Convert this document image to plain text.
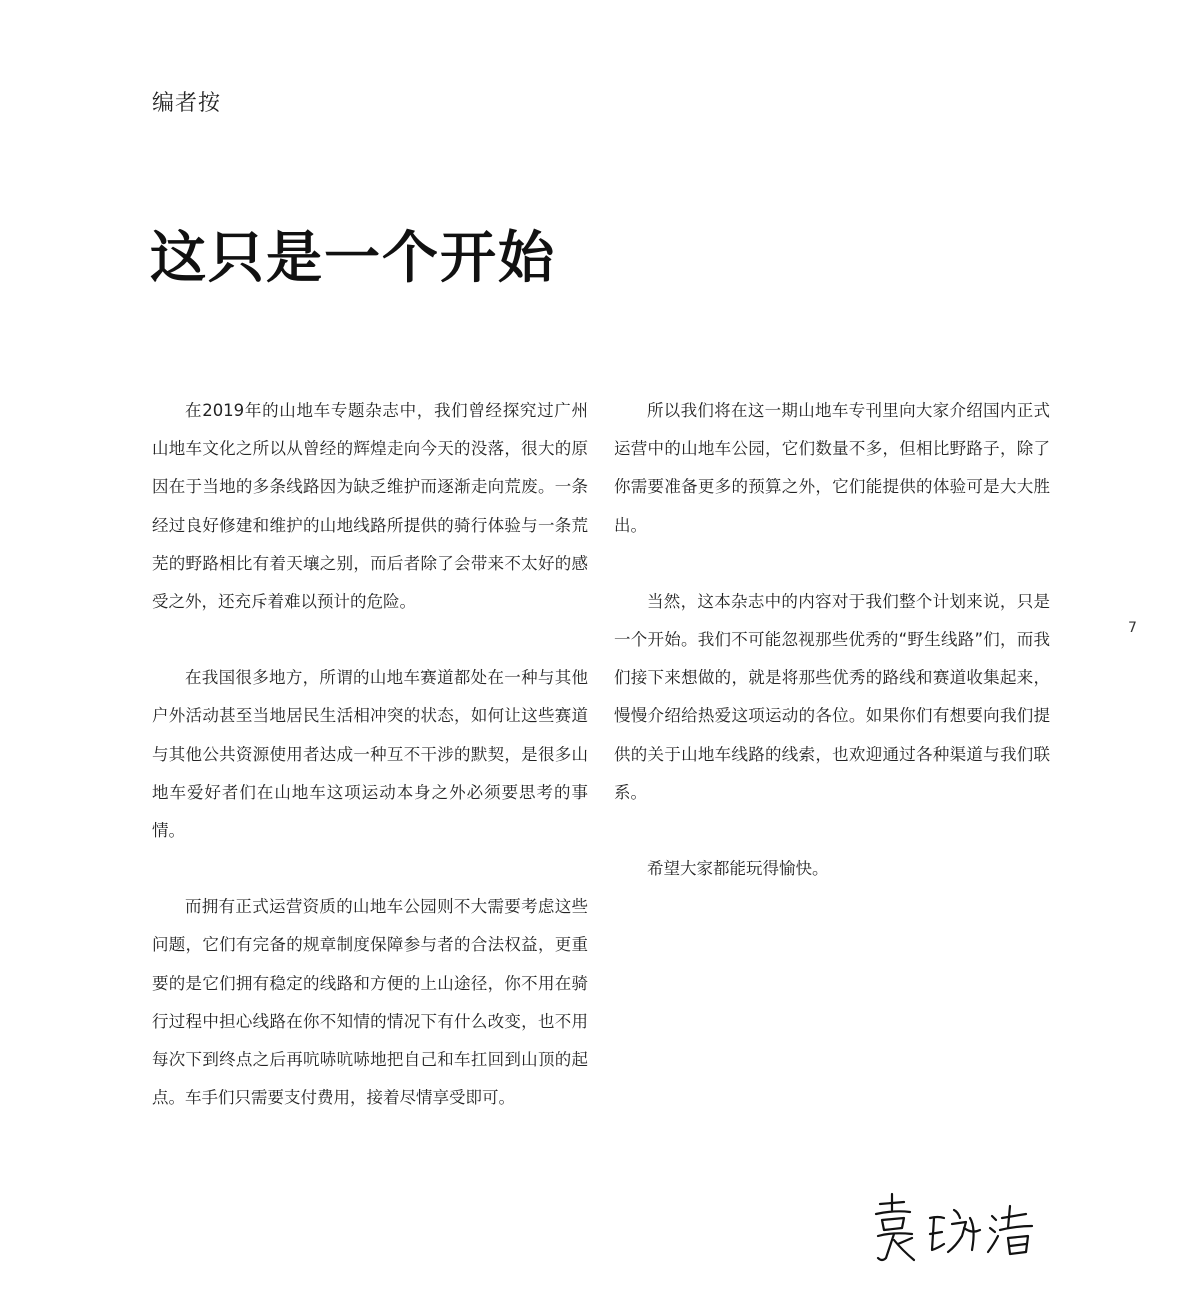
编者按
这只是一个开始

在2019年的山地车专题杂志中，我们曾经探究过广州山地车文化之所以从曾经的辉煌走向今天的没落，很大的原因在于当地的多条线路因为缺乏维护而逐渐走向荒废。一条经过良好修建和维护的山地线路所提供的骑行体验与一条荒芜的野路相比有着天壤之别，而后者除了会带来不太好的感受之外，还充斥着难以预计的危险。

在我国很多地方，所谓的山地车赛道都处在一种与其他户外活动甚至当地居民生活相冲突的状态，如何让这些赛道与其他公共资源使用者达成一种互不干涉的默契，是很多山地车爱好者们在山地车这项运动本身之外必须要思考的事情。

而拥有正式运营资质的山地车公园则不大需要考虑这些问题，它们有完备的规章制度保障参与者的合法权益，更重要的是它们拥有稳定的线路和方便的上山途径，你不用在骑行过程中担心线路在你不知情的情况下有什么改变，也不用每次下到终点之后再吭哧吭哧地把自己和车扛回到山顶的起点。车手们只需要支付费用，接着尽情享受即可。

所以我们将在这一期山地车专刊里向大家介绍国内正式运营中的山地车公园，它们数量不多，但相比野路子，除了你需要准备更多的预算之外，它们能提供的体验可是大大胜出。

当然，这本杂志中的内容对于我们整个计划来说，只是一个开始。我们不可能忽视那些优秀的“野生线路”们，而我们接下来想做的，就是将那些优秀的路线和赛道收集起来，慢慢介绍给热爱这项运动的各位。如果你们有想要向我们提供的关于山地车线路的线索，也欢迎通过各种渠道与我们联系。

希望大家都能玩得愉快。

7
